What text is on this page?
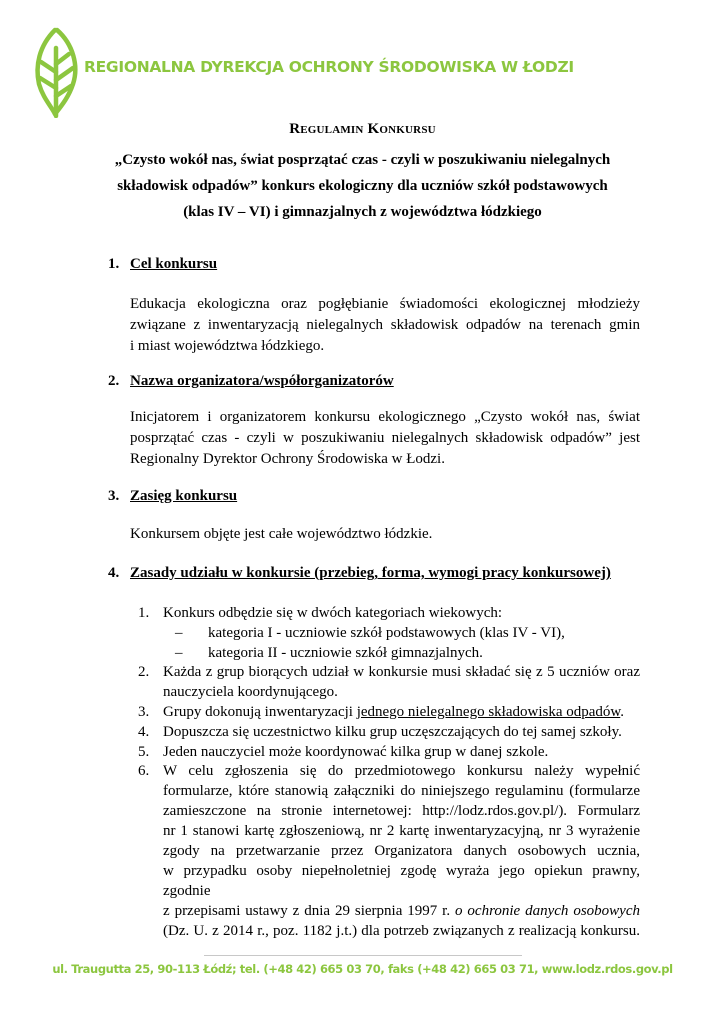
REGIONALNA DYREKCJA OCHRONY ŚRODOWISKA W ŁODZI
Regulamin Konkursu
„Czysto wokół nas, świat posprzątać czas - czyli w poszukiwaniu nielegalnych
składowisk odpadów” konkurs ekologiczny dla uczniów szkół podstawowych
(klas IV – VI) i gimnazjalnych z województwa łódzkiego
1. Cel konkursu
Edukacja ekologiczna oraz pogłębianie świadomości ekologicznej młodzieży
związane z inwentaryzacją nielegalnych składowisk odpadów na terenach gmin
i miast województwa łódzkiego.
2. Nazwa organizatora/współorganizatorów
Inicjatorem i organizatorem konkursu ekologicznego „Czysto wokół nas, świat
posprzątać czas - czyli w poszukiwaniu nielegalnych składowisk odpadów” jest
Regionalny Dyrektor Ochrony Środowiska w Łodzi.
3. Zasięg konkursu
Konkursem objęte jest całe województwo łódzkie.
4. Zasady udziału w konkursie (przebieg, forma, wymogi pracy konkursowej)
1. Konkurs odbędzie się w dwóch kategoriach wiekowych:
– kategoria I - uczniowie szkół podstawowych (klas IV - VI),
– kategoria II - uczniowie szkół gimnazjalnych.
2. Każda z grup biorących udział w konkursie musi składać się z 5 uczniów oraz
nauczyciela koordynującego.
3. Grupy dokonują inwentaryzacji jednego nielegalnego składowiska odpadów.
4. Dopuszcza się uczestnictwo kilku grup uczęszczających do tej samej szkoły.
5. Jeden nauczyciel może koordynować kilka grup w danej szkole.
6. W celu zgłoszenia się do przedmiotowego konkursu należy wypełnić
formularze, które stanowią załączniki do niniejszego regulaminu (formularze
zamieszczone na stronie internetowej: http://lodz.rdos.gov.pl/). Formularz
nr 1 stanowi kartę zgłoszeniową, nr 2 kartę inwentaryzacyjną, nr 3 wyrażenie
zgody na przetwarzanie przez Organizatora danych osobowych ucznia,
w przypadku osoby niepełnoletniej zgodę wyraża jego opiekun prawny, zgodnie
z przepisami ustawy z dnia 29 sierpnia 1997 r. o ochronie danych osobowych
(Dz. U. z 2014 r., poz. 1182 j.t.) dla potrzeb związanych z realizacją konkursu.
ul. Traugutta 25, 90-113 Łódź; tel. (+48 42) 665 03 70, faks (+48 42) 665 03 71, www.lodz.rdos.gov.pl
